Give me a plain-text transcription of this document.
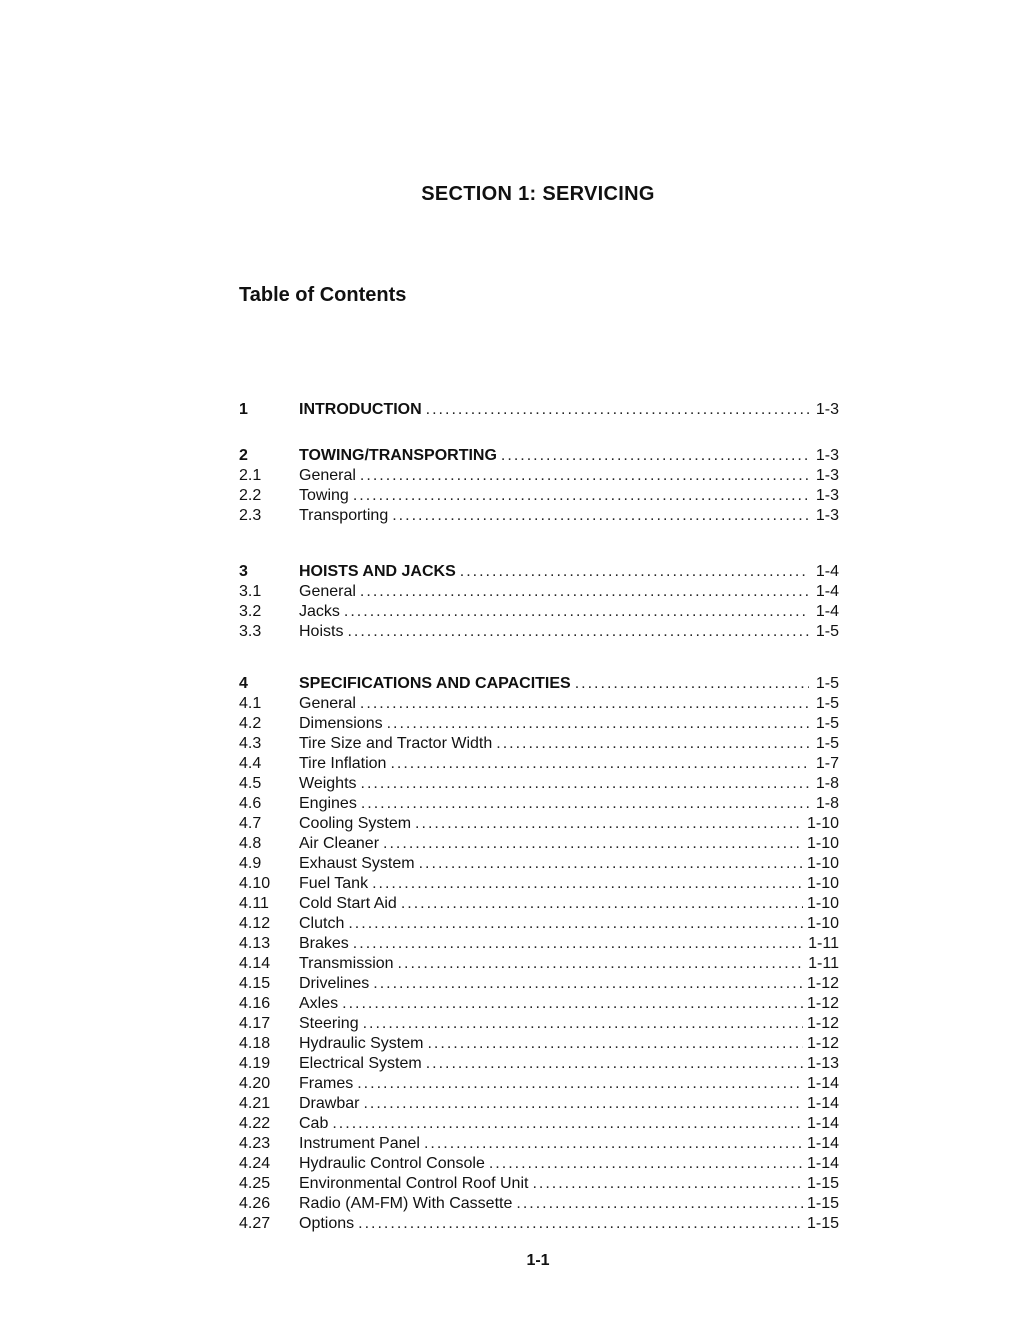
SECTION 1: SERVICING
Table of Contents
1	INTRODUCTION .....	1-3
2	TOWING/TRANSPORTING .....	1-3
2.1	General .....	1-3
2.2	Towing .....	1-3
2.3	Transporting .....	1-3
3	HOISTS AND JACKS .....	1-4
3.1	General .....	1-4
3.2	Jacks .....	1-4
3.3	Hoists .....	1-5
4	SPECIFICATIONS AND CAPACITIES .....	1-5
4.1	General .....	1-5
4.2	Dimensions .....	1-5
4.3	Tire Size and Tractor Width .....	1-5
4.4	Tire Inflation .....	1-7
4.5	Weights .....	1-8
4.6	Engines .....	1-8
4.7	Cooling System .....	1-10
4.8	Air Cleaner .....	1-10
4.9	Exhaust System .....	1-10
4.10	Fuel Tank .....	1-10
4.11	Cold Start Aid .....	1-10
4.12	Clutch .....	1-10
4.13	Brakes .....	1-11
4.14	Transmission .....	1-11
4.15	Drivelines .....	1-12
4.16	Axles .....	1-12
4.17	Steering .....	1-12
4.18	Hydraulic System .....	1-12
4.19	Electrical System .....	1-13
4.20	Frames .....	1-14
4.21	Drawbar .....	1-14
4.22	Cab .....	1-14
4.23	Instrument Panel .....	1-14
4.24	Hydraulic Control Console .....	1-14
4.25	Environmental Control Roof Unit .....	1-15
4.26	Radio (AM-FM) With Cassette .....	1-15
4.27	Options .....	1-15
1-1
